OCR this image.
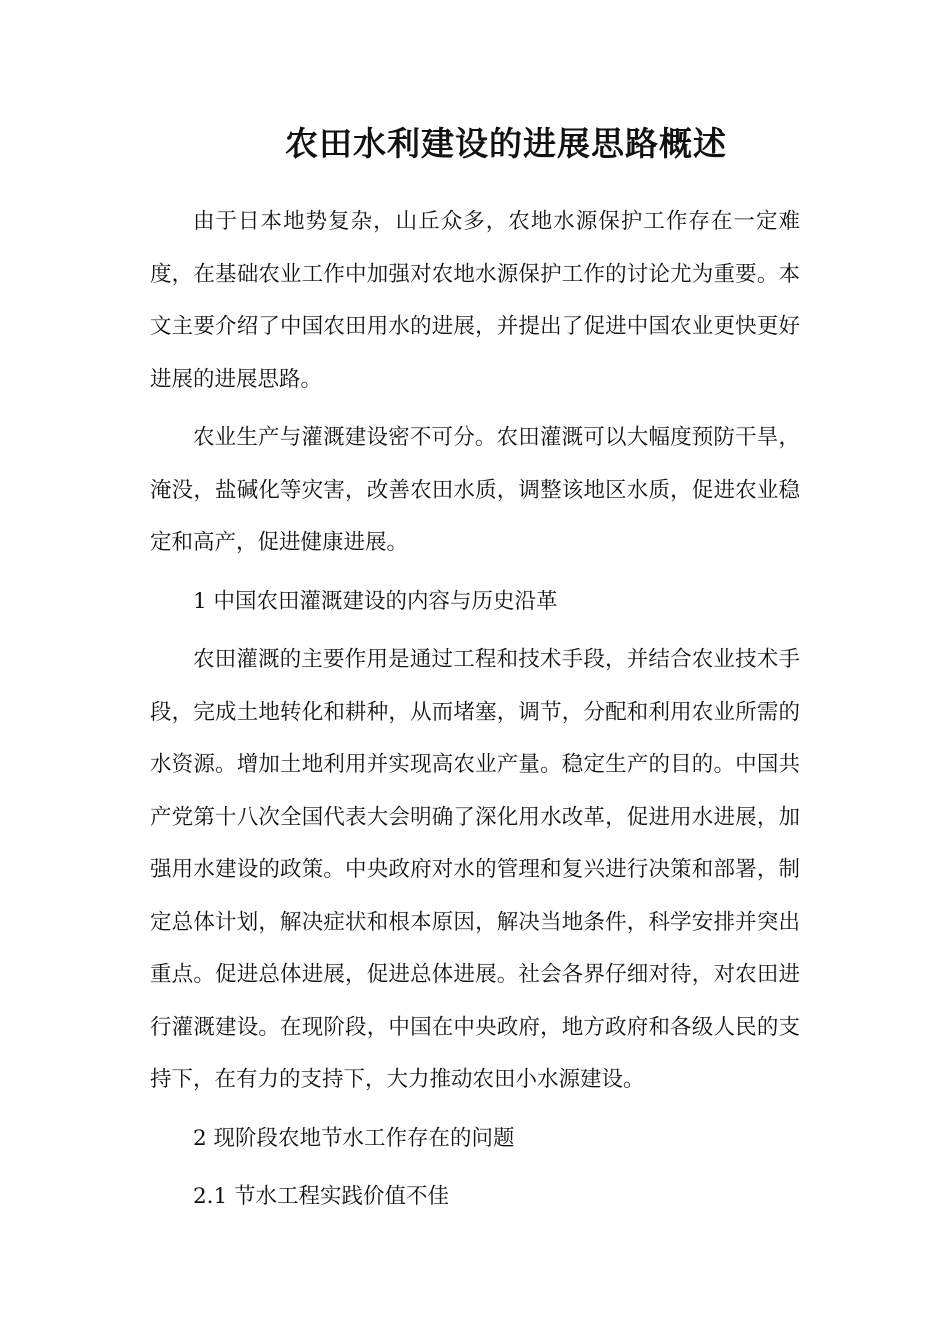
农田水利建设的进展思路概述

由于日本地势复杂，山丘众多，农地水源保护工作存在一定难度，在基础农业工作中加强对农地水源保护工作的讨论尤为重要。本文主要介绍了中国农田用水的进展，并提出了促进中国农业更快更好进展的进展思路。

农业生产与灌溉建设密不可分。农田灌溉可以大幅度预防干旱，淹没，盐碱化等灾害，改善农田水质，调整该地区水质，促进农业稳定和高产，促进健康进展。

1 中国农田灌溉建设的内容与历史沿革

农田灌溉的主要作用是通过工程和技术手段，并结合农业技术手段，完成土地转化和耕种，从而堵塞，调节，分配和利用农业所需的水资源。增加土地利用并实现高农业产量。稳定生产的目的。中国共产党第十八次全国代表大会明确了深化用水改革，促进用水进展，加强用水建设的政策。中央政府对水的管理和复兴进行决策和部署，制定总体计划，解决症状和根本原因，解决当地条件，科学安排并突出重点。促进总体进展，促进总体进展。社会各界仔细对待，对农田进行灌溉建设。在现阶段，中国在中央政府，地方政府和各级人民的支持下，在有力的支持下，大力推动农田小水源建设。

2 现阶段农地节水工作存在的问题

2.1 节水工程实践价值不佳
